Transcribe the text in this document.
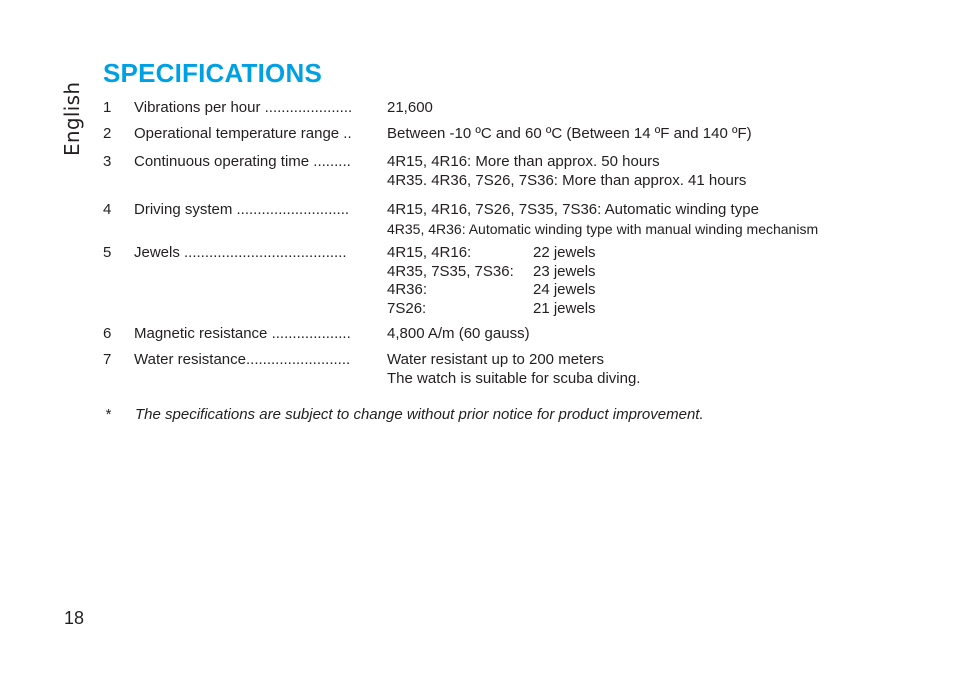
English
SPECIFICATIONS
1 Vibrations per hour .....................	21,600
2 Operational temperature range ..	Between -10 ºC and 60 ºC (Between 14 ºF and 140 ºF)
3 Continuous operating time .........	4R15, 4R16: More than approx. 50 hours
4R35. 4R36, 7S26, 7S36: More than approx. 41 hours
4 Driving system ...........................	4R15, 4R16, 7S26, 7S35, 7S36: Automatic winding type
4R35, 4R36: Automatic winding type with manual winding mechanism
5 Jewels .......................................	4R15, 4R16:	22 jewels
4R35, 7S35, 7S36: 23 jewels
4R36:	24 jewels
7S26:	21 jewels
6 Magnetic resistance ...................	4,800 A/m (60 gauss)
7 Water resistance.........................	Water resistant up to 200 meters
The watch is suitable for scuba diving.
* The specifications are subject to change without prior notice for product improvement.
18
